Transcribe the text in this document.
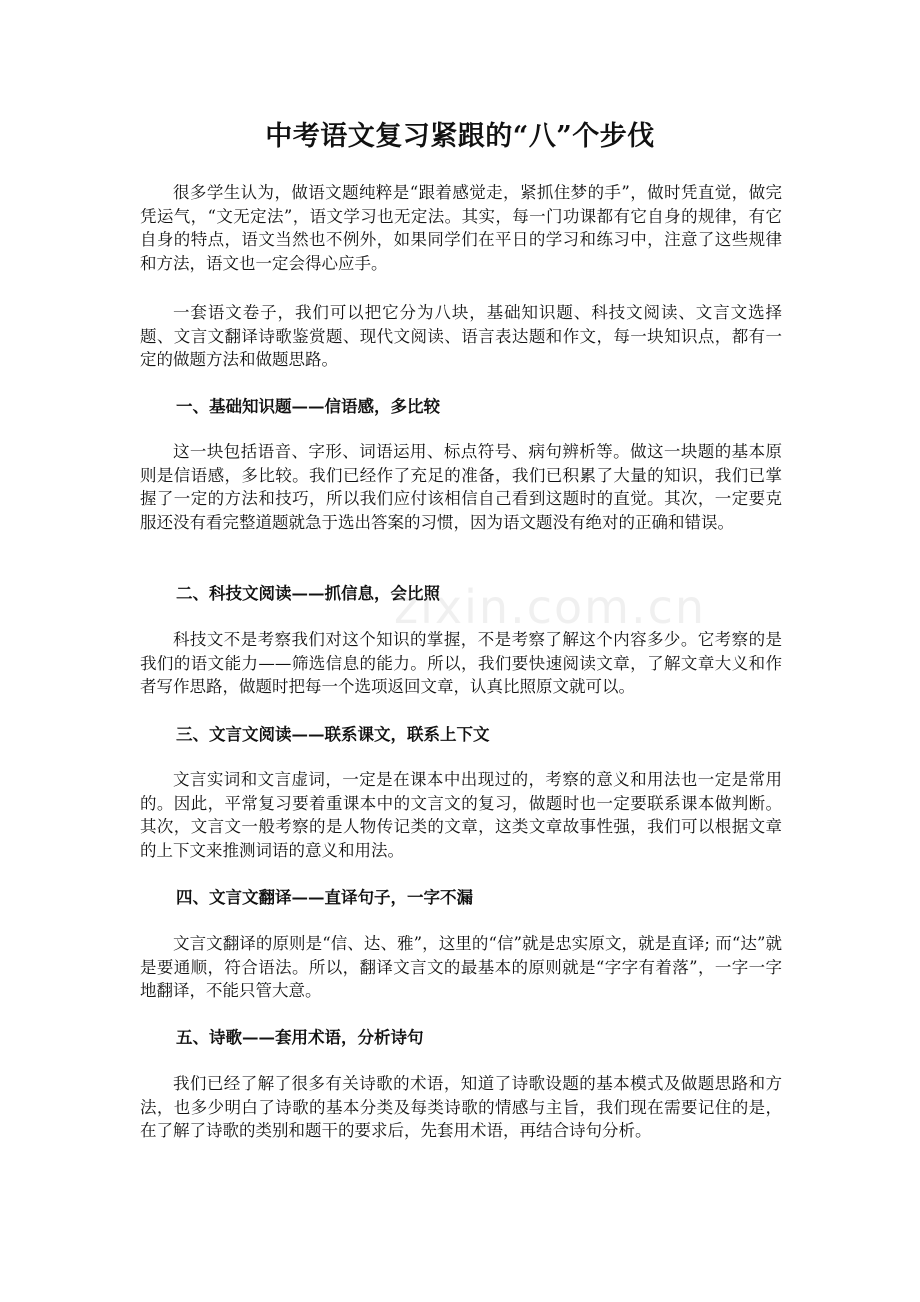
中考语文复习紧跟的“八”个步伐

很多学生认为，做语文题纯粹是“跟着感觉走，紧抓住梦的手”，做时凭直觉，做完凭运气，“文无定法”，语文学习也无定法。其实，每一门功课都有它自身的规律，有它自身的特点，语文当然也不例外，如果同学们在平日的学习和练习中，注意了这些规律和方法，语文也一定会得心应手。

一套语文卷子，我们可以把它分为八块，基础知识题、科技文阅读、文言文选择题、文言文翻译诗歌鉴赏题、现代文阅读、语言表达题和作文，每一块知识点，都有一定的做题方法和做题思路。

一、基础知识题——信语感，多比较

这一块包括语音、字形、词语运用、标点符号、病句辨析等。做这一块题的基本原则是信语感，多比较。我们已经作了充足的准备，我们已积累了大量的知识，我们已掌握了一定的方法和技巧，所以我们应付该相信自己看到这题时的直觉。其次，一定要克服还没有看完整道题就急于选出答案的习惯，因为语文题没有绝对的正确和错误。

二、科技文阅读——抓信息，会比照

科技文不是考察我们对这个知识的掌握，不是考察了解这个内容多少。它考察的是我们的语文能力——筛选信息的能力。所以，我们要快速阅读文章，了解文章大义和作者写作思路，做题时把每一个选项返回文章，认真比照原文就可以。

三、文言文阅读——联系课文，联系上下文

文言实词和文言虚词，一定是在课本中出现过的，考察的意义和用法也一定是常用的。因此，平常复习要着重课本中的文言文的复习，做题时也一定要联系课本做判断。其次，文言文一般考察的是人物传记类的文章，这类文章故事性强，我们可以根据文章的上下文来推测词语的意义和用法。

四、文言文翻译——直译句子，一字不漏

文言文翻译的原则是“信、达、雅”，这里的“信”就是忠实原文，就是直译; 而“达”就是要通顺，符合语法。所以，翻译文言文的最基本的原则就是“字字有着落”，一字一字地翻译，不能只管大意。

五、诗歌——套用术语，分析诗句

我们已经了解了很多有关诗歌的术语，知道了诗歌设题的基本模式及做题思路和方法，也多少明白了诗歌的基本分类及每类诗歌的情感与主旨，我们现在需要记住的是，在了解了诗歌的类别和题干的要求后，先套用术语，再结合诗句分析。

zixin.com.cn
